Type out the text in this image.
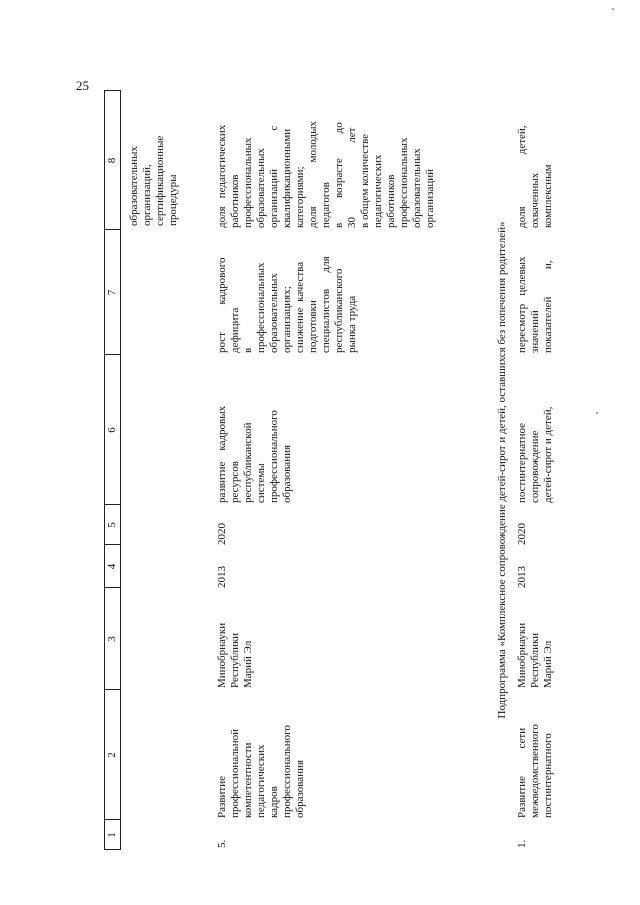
25
1
2
3
4
5
6
7
8 образовательных организаций, сертификационные процедуры
5.
Развитие профессиональной компетентности педагогических кадров профессионального образования
Минобрнауки Республики Марий Эл
2013
2020
развитие    кадровых ресурсов республиканской системы профессионального образования
рост          кадрового дефицита в профессиональных образовательных организациях; снижение  качества подготовки специалистов      для республиканского рынка труда
доля   педагогических работников профессиональных образовательных организаций              с квалификационными категориями; доля                молодых педагогов в         возрасте         до 30                           лет в общем количестве педагогических работников профессиональных образовательных организаций
Подпрограмма «Комплексное сопровождение детей-сирот и детей, оставшихся без попечения родителей»
1.
Развитие          сети межведомственного постинтернатного
Минобрнауки Республики Марий Эл
2013
2020
постинтернатное сопровождение детей-сирот и детей,
пересмотр   целевых значений показателей          и,
доля                   детей, охваченных комплексным
